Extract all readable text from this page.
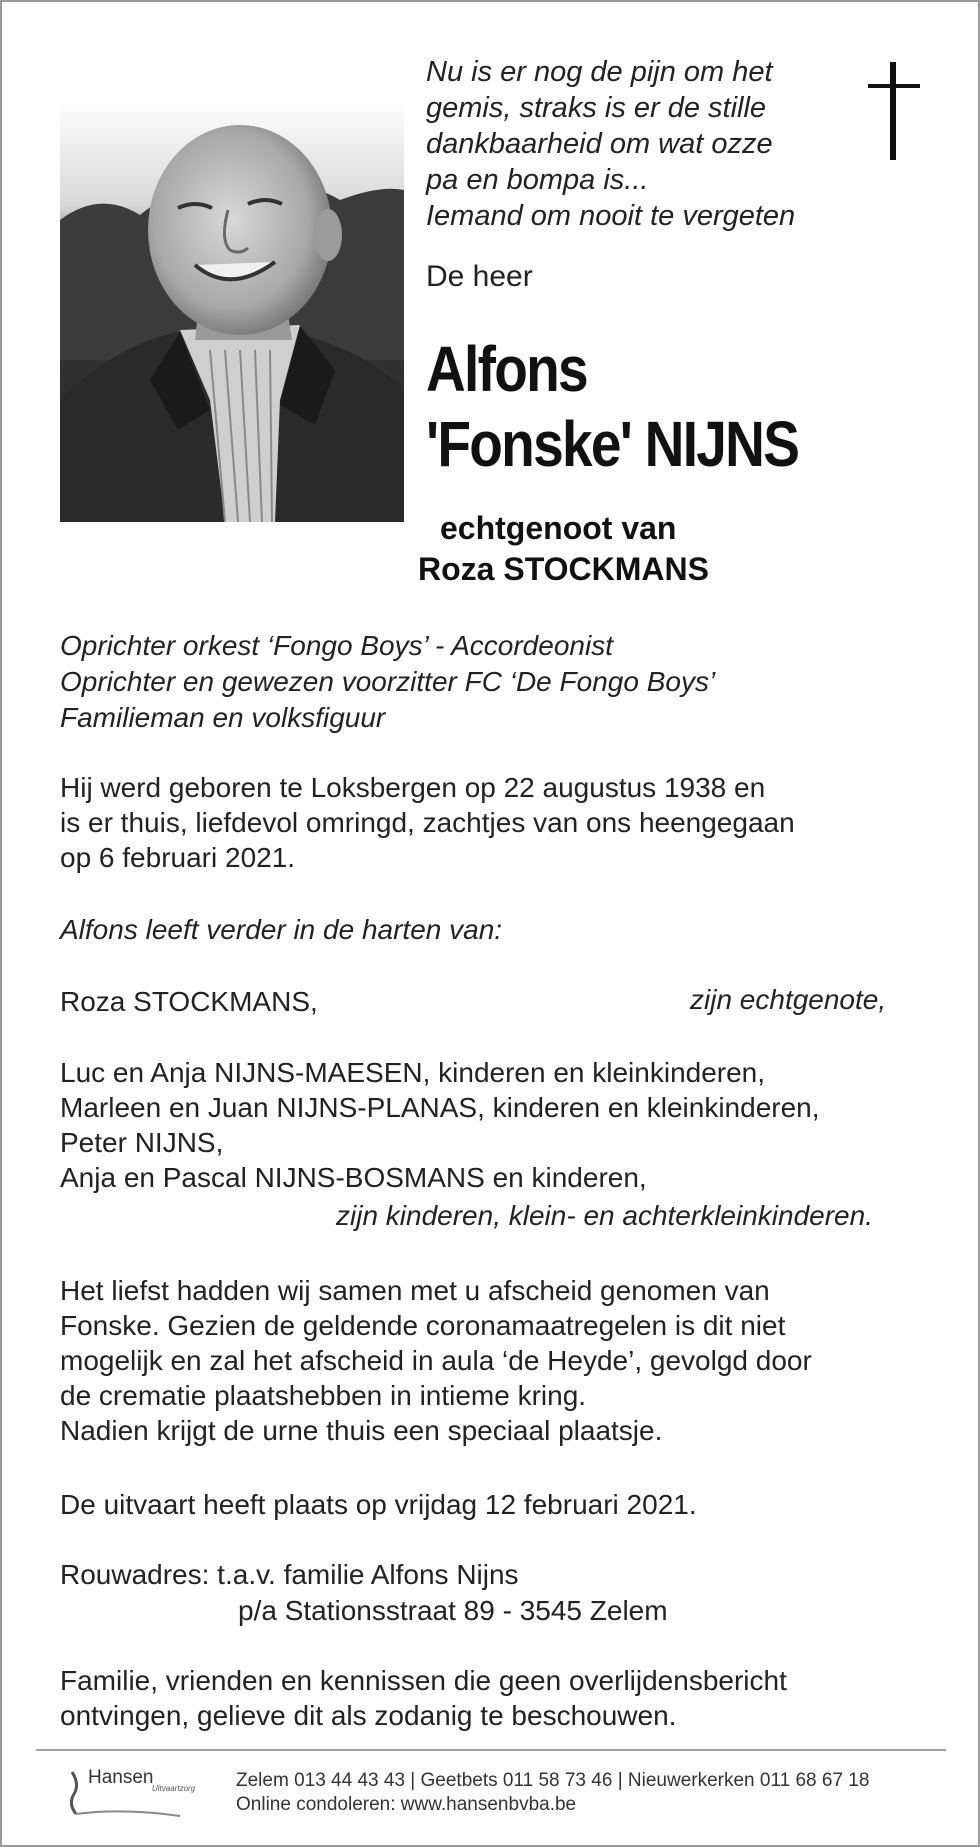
Nu is er nog de pijn om het
gemis, straks is er de stille
dankbaarheid om wat ozze
pa en bompa is...
Iemand om nooit te vergeten
De heer
Alfons
'Fonske' NIJNS
echtgenoot van
Roza STOCKMANS
Oprichter orkest ‘Fongo Boys’ - Accordeonist
Oprichter en gewezen voorzitter FC ‘De Fongo Boys’
Familieman en volksfiguur
Hij werd geboren te Loksbergen op 22 augustus 1938 en
is er thuis, liefdevol omringd, zachtjes van ons heengegaan
op 6 februari 2021.
Alfons leeft verder in de harten van:
Roza STOCKMANS,	zijn echtgenote,
Luc en Anja NIJNS-MAESEN, kinderen en kleinkinderen,
Marleen en Juan NIJNS-PLANAS, kinderen en kleinkinderen,
Peter NIJNS,
Anja en Pascal NIJNS-BOSMANS en kinderen,
zijn kinderen, klein- en achterkleinkinderen.
Het liefst hadden wij samen met u afscheid genomen van
Fonske. Gezien de geldende coronamaatregelen is dit niet
mogelijk en zal het afscheid in aula ‘de Heyde’, gevolgd door
de crematie plaatshebben in intieme kring.
Nadien krijgt de urne thuis een speciaal plaatsje.
De uitvaart heeft plaats op vrijdag 12 februari 2021.
Rouwadres: t.a.v. familie Alfons Nijns
p/a Stationsstraat 89 - 3545 Zelem
Familie, vrienden en kennissen die geen overlijdensbericht
ontvingen, gelieve dit als zodanig te beschouwen.
Hansen
Uitvaartzorg Zelem 013 44 43 43 | Geetbets 011 58 73 46 | Nieuwerkerken 011 68 67 18
Online condoleren: www.hansenbvba.be
